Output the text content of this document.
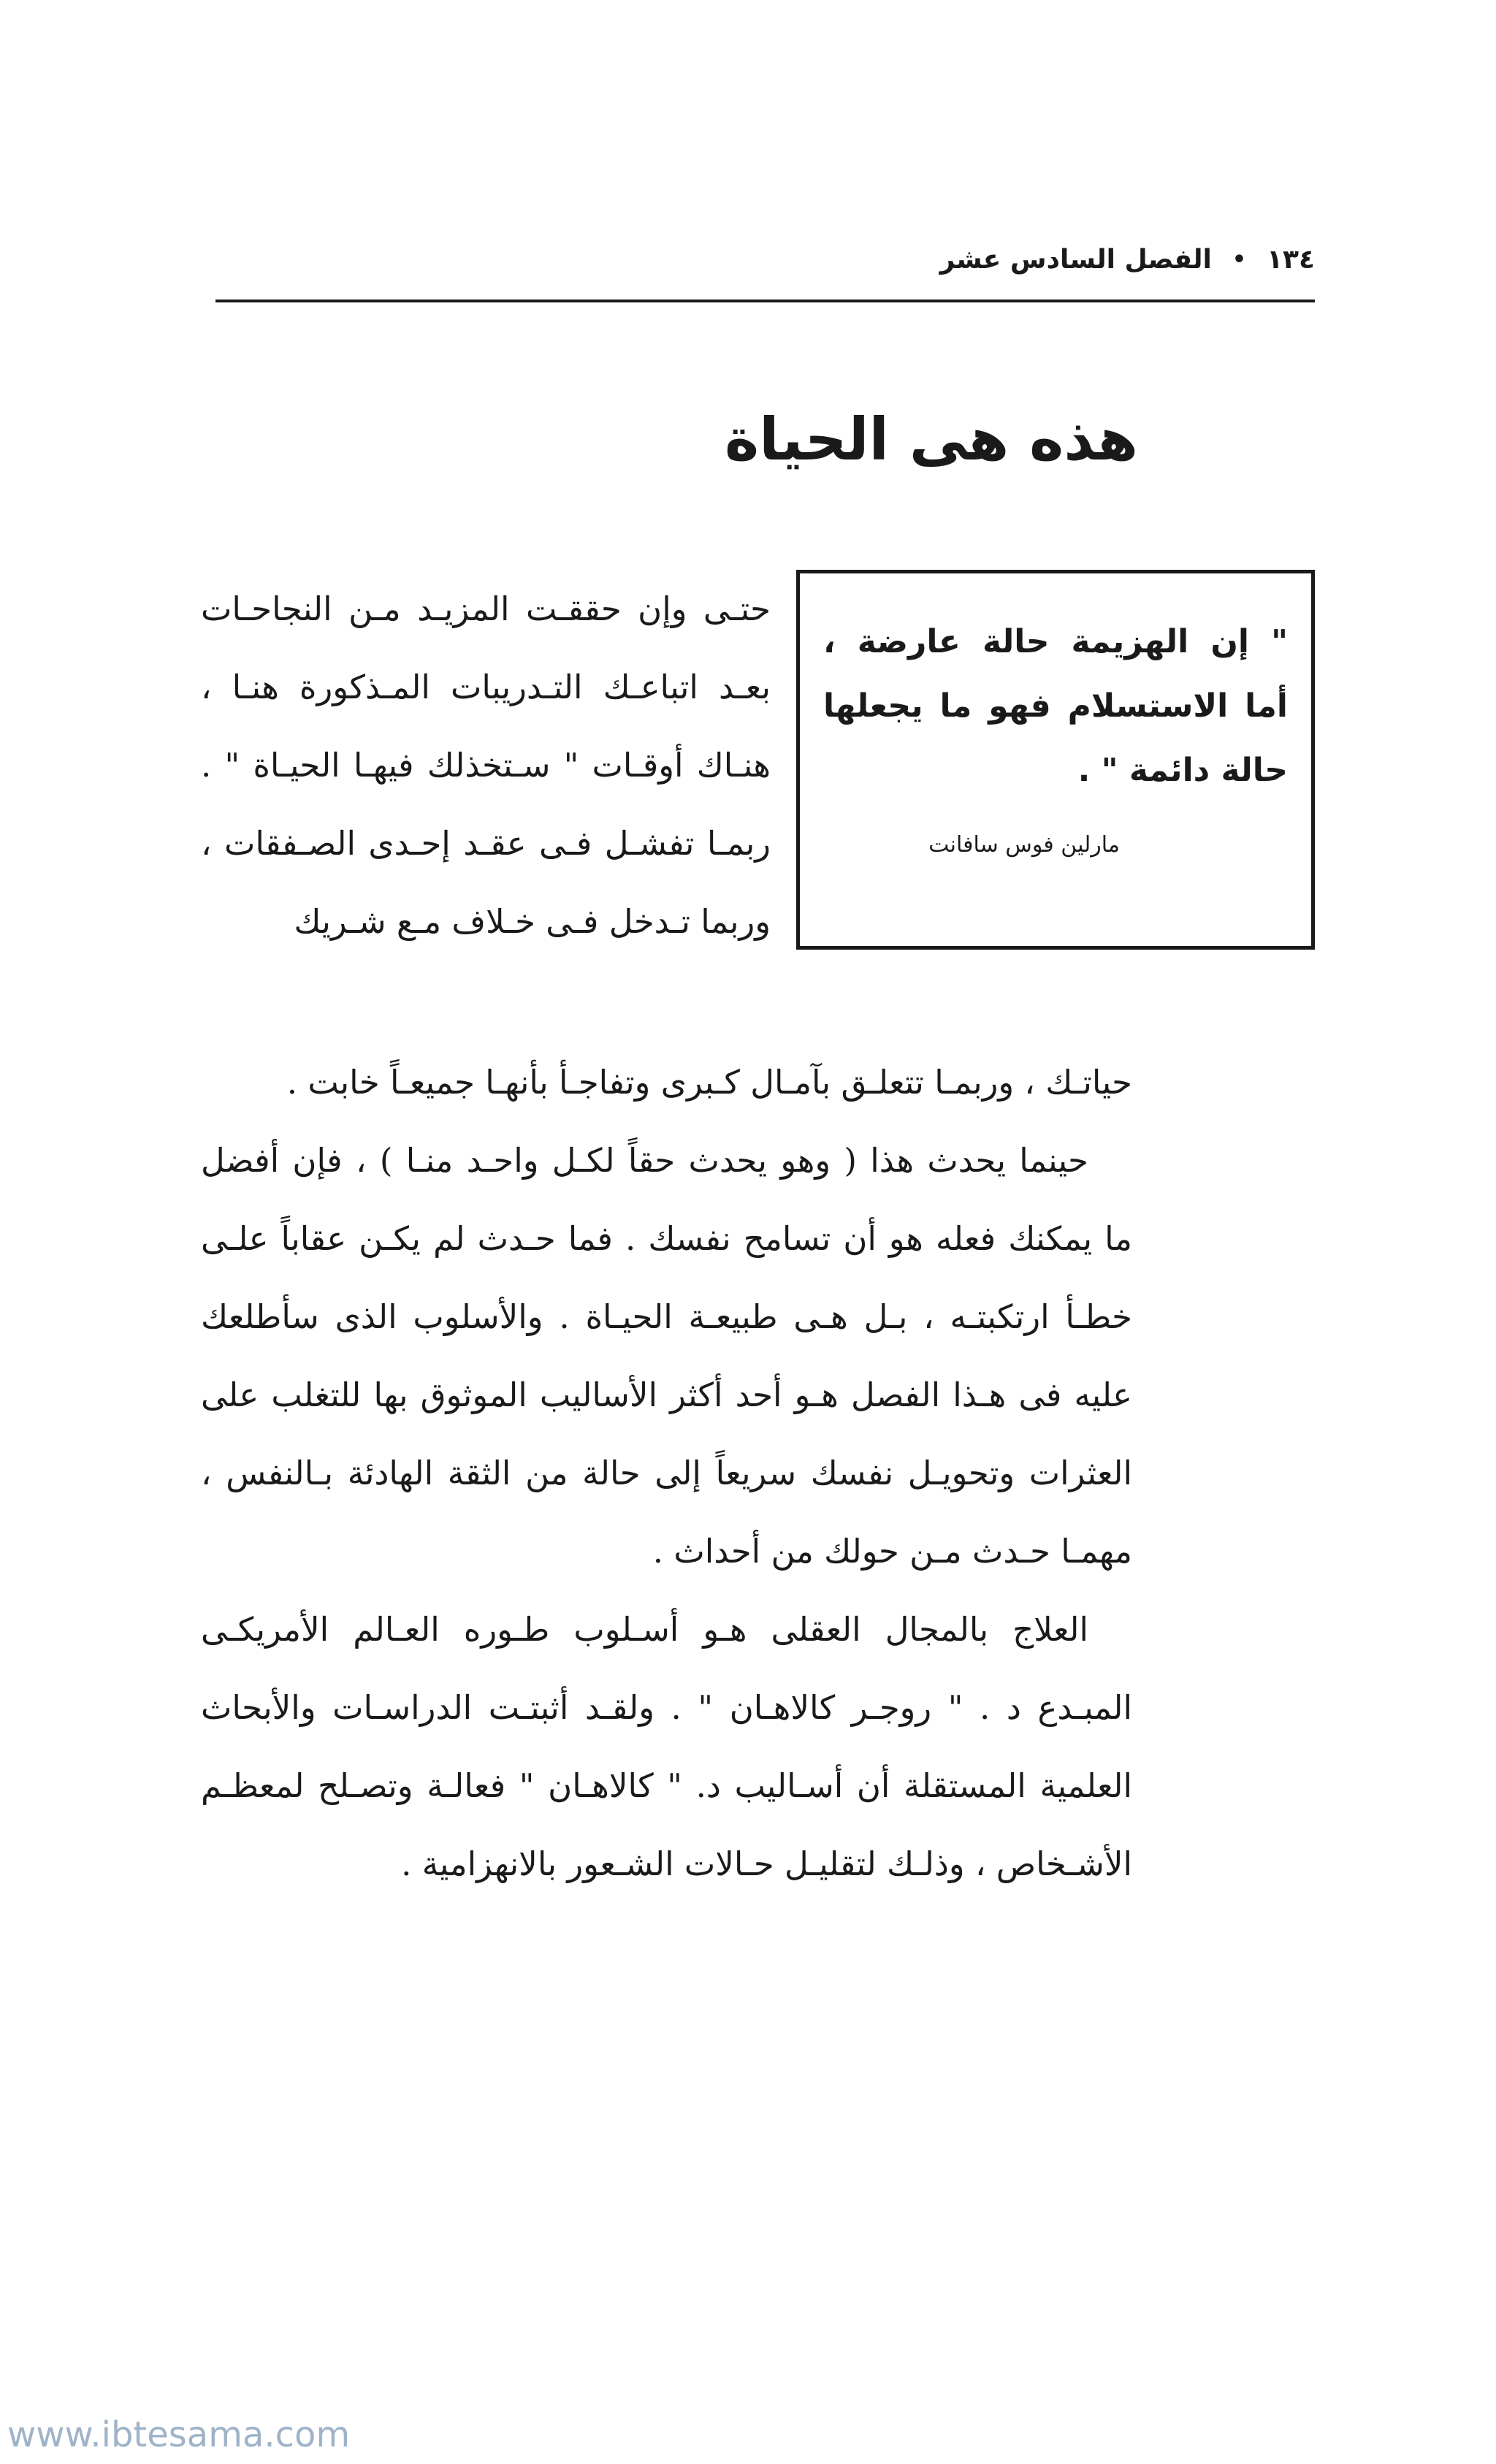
١٣٤
•
الفصل السادس عشر
هذه هى الحياة
" إن الهزيمة حالة عارضة ، أما الاستسلام فهو ما يجعلها حالة دائمة " .
مارلين فوس سافانت
حتـى وإن حققـت المزيـد مـن النجاحـات بعـد اتباعـك التـدريبات المـذكورة هنـا ، هنـاك أوقـات " سـتخذلك فيهـا الحيـاة " . ربمـا تفشـل فـى عقـد إحـدى الصـفقات ، وربما تـدخل فـى خـلاف مـع شـريك

حياتـك ، وربمـا تتعلـق بآمـال كـبرى وتفاجـأ بأنهـا جميعـاً خابت .

حينما يحدث هذا ( وهو يحدث حقاً لكـل واحـد منـا ) ، فإن أفضل ما يمكنك فعله هو أن تسامح نفسك . فما حـدث لم يكـن عقاباً علـى خطـأ ارتكبتـه ، بـل هـى طبيعـة الحيـاة . والأسلوب الذى سأطلعك عليه فى هـذا الفصل هـو أحد أكثر الأساليب الموثوق بها للتغلب على العثرات وتحويـل نفسك سريعاً إلى حالة من الثقة الهادئة بـالنفس ، مهمـا حـدث مـن حولك من أحداث .

العلاج بالمجال العقلى هـو أسـلوب طـوره العـالم الأمريكـى المبـدع د . " روجـر كالاهـان " . ولقـد أثبتـت الدراسـات والأبحاث العلمية المستقلة أن أسـاليب د. " كالاهـان " فعالـة وتصـلح لمعظـم الأشـخاص ، وذلـك لتقليـل حـالات الشـعور بالانهزامية .

www.ibtesama.com
